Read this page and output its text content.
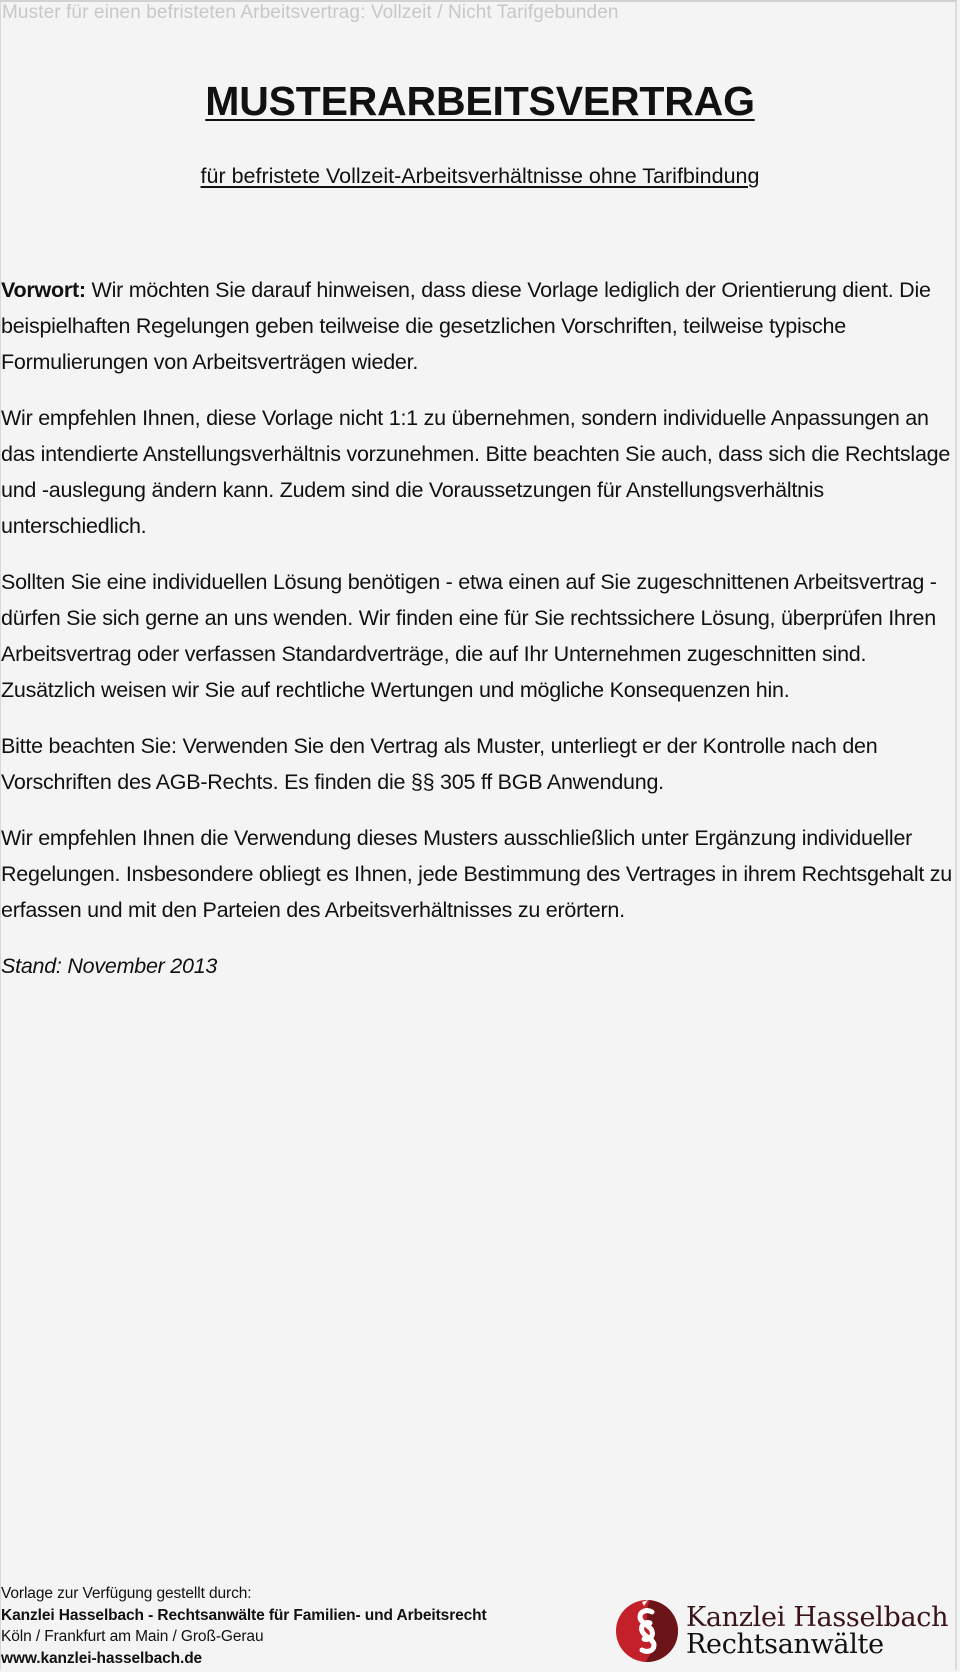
Muster für einen befristeten Arbeitsvertrag: Vollzeit / Nicht Tarifgebunden
MUSTERARBEITSVERTRAG
für befristete Vollzeit-Arbeitsverhältnisse ohne Tarifbindung

Vorwort: Wir möchten Sie darauf hinweisen, dass diese Vorlage lediglich der Orientierung dient. Die beispielhaften Regelungen geben teilweise die gesetzlichen Vorschriften, teilweise typische Formulierungen von Arbeitsverträgen wieder.

Wir empfehlen Ihnen, diese Vorlage nicht 1:1 zu übernehmen, sondern individuelle Anpassungen an das intendierte Anstellungsverhältnis vorzunehmen. Bitte beachten Sie auch, dass sich die Rechtslage und -auslegung ändern kann. Zudem sind die Voraussetzungen für Anstellungsverhältnis unterschiedlich.

Sollten Sie eine individuellen Lösung benötigen - etwa einen auf Sie zugeschnittenen Arbeitsvertrag - dürfen Sie sich gerne an uns wenden. Wir finden eine für Sie rechtssichere Lösung, überprüfen Ihren Arbeitsvertrag oder verfassen Standardverträge, die auf Ihr Unternehmen zugeschnitten sind. Zusätzlich weisen wir Sie auf rechtliche Wertungen und mögliche Konsequenzen hin.

Bitte beachten Sie: Verwenden Sie den Vertrag als Muster, unterliegt er der Kontrolle nach den Vorschriften des AGB-Rechts. Es finden die §§ 305 ff BGB Anwendung.

Wir empfehlen Ihnen die Verwendung dieses Musters ausschließlich unter Ergänzung individueller Regelungen. Insbesondere obliegt es Ihnen, jede Bestimmung des Vertrages in ihrem Rechtsgehalt zu erfassen und mit den Parteien des Arbeitsverhältnisses zu erörtern.

Stand: November 2013

Vorlage zur Verfügung gestellt durch:
Kanzlei Hasselbach - Rechtsanwälte für Familien- und Arbeitsrecht
Köln / Frankfurt am Main / Groß-Gerau
www.kanzlei-hasselbach.de
Kanzlei Hasselbach
Rechtsanwälte
